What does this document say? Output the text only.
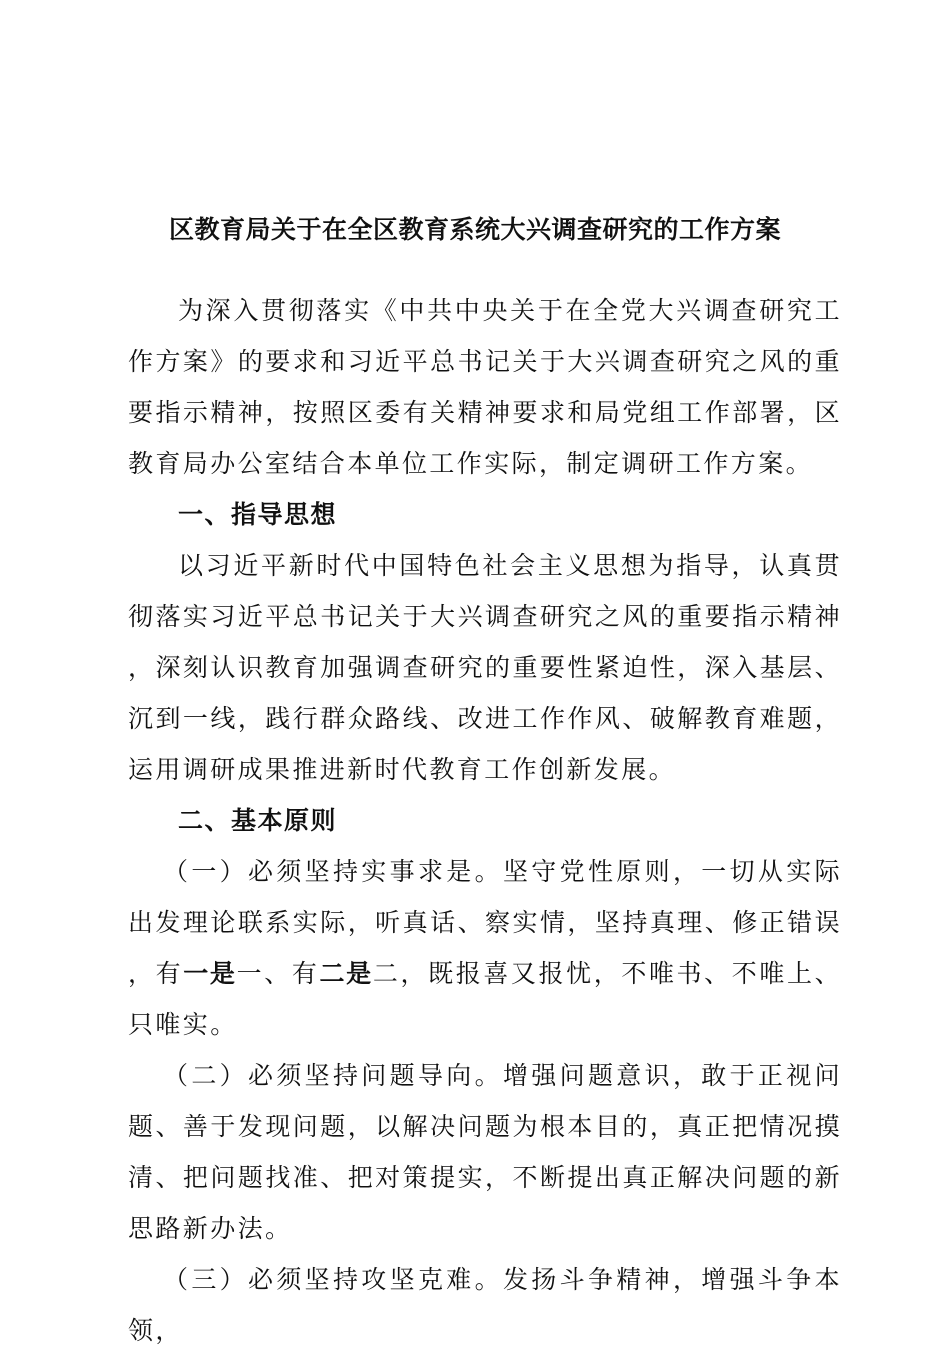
区教育局关于在全区教育系统大兴调查研究的工作方案

为深入贯彻落实《中共中央关于在全党大兴调查研究工作方案》的要求和习近平总书记关于大兴调查研究之风的重要指示精神，按照区委有关精神要求和局党组工作部署，区教育局办公室结合本单位工作实际，制定调研工作方案。

一、指导思想

以习近平新时代中国特色社会主义思想为指导，认真贯彻落实习近平总书记关于大兴调查研究之风的重要指示精神，深刻认识教育加强调查研究的重要性紧迫性，深入基层、沉到一线，践行群众路线、改进工作作风、破解教育难题，运用调研成果推进新时代教育工作创新发展。

二、基本原则

（一）必须坚持实事求是。坚守党性原则，一切从实际出发理论联系实际，听真话、察实情，坚持真理、修正错误，有一是一、有二是二，既报喜又报忧，不唯书、不唯上、只唯实。

（二）必须坚持问题导向。增强问题意识，敢于正视问题、善于发现问题，以解决问题为根本目的，真正把情况摸清、把问题找准、把对策提实，不断提出真正解决问题的新思路新办法。

（三）必须坚持攻坚克难。发扬斗争精神，增强斗争本领，
